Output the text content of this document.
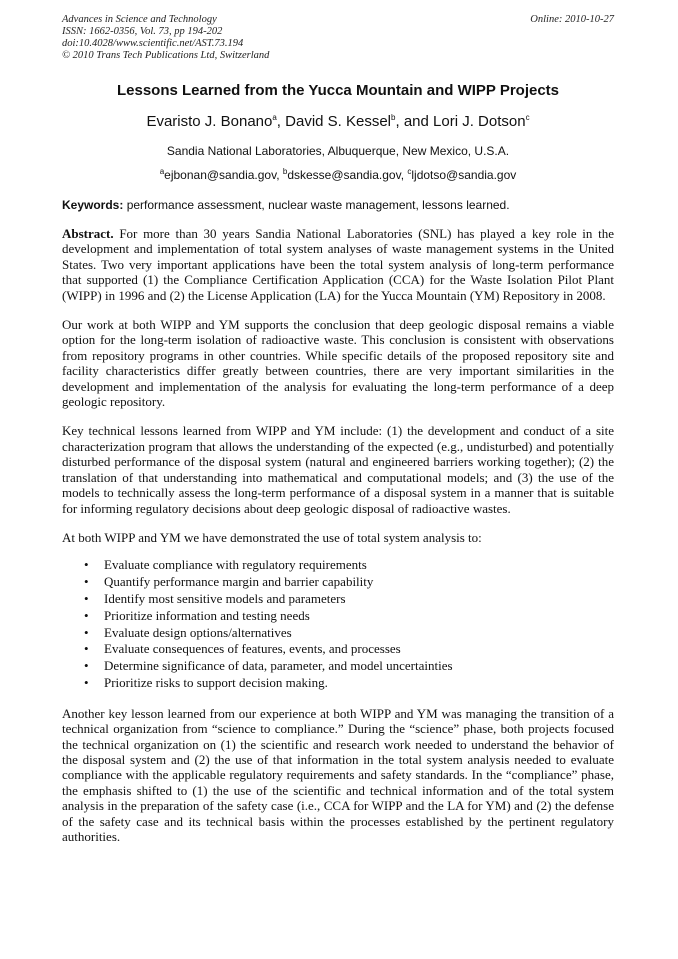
Advances in Science and Technology
ISSN: 1662-0356, Vol. 73, pp 194-202
doi:10.4028/www.scientific.net/AST.73.194
© 2010 Trans Tech Publications Ltd, Switzerland
Online: 2010-10-27
Lessons Learned from the Yucca Mountain and WIPP Projects
Evaristo J. Bonano$^a$, David S. Kessel$^b$, and Lori J. Dotson$^c$
Sandia National Laboratories, Albuquerque, New Mexico, U.S.A.
$^a$ejbonan@sandia.gov, $^b$dskesse@sandia.gov, $^c$ljdotso@sandia.gov
Keywords: performance assessment, nuclear waste management, lessons learned.
Abstract. For more than 30 years Sandia National Laboratories (SNL) has played a key role in the development and implementation of total system analyses of waste management systems in the United States. Two very important applications have been the total system analysis of long-term performance that supported (1) the Compliance Certification Application (CCA) for the Waste Isolation Pilot Plant (WIPP) in 1996 and (2) the License Application (LA) for the Yucca Mountain (YM) Repository in 2008.
Our work at both WIPP and YM supports the conclusion that deep geologic disposal remains a viable option for the long-term isolation of radioactive waste. This conclusion is consistent with observations from repository programs in other countries. While specific details of the proposed repository site and facility characteristics differ greatly between countries, there are very important similarities in the development and implementation of the analysis for evaluating the long-term performance of a deep geologic repository.
Key technical lessons learned from WIPP and YM include: (1) the development and conduct of a site characterization program that allows the understanding of the expected (e.g., undisturbed) and potentially disturbed performance of the disposal system (natural and engineered barriers working together); (2) the translation of that understanding into mathematical and computational models; and (3) the use of the models to technically assess the long-term performance of a disposal system in a manner that is suitable for informing regulatory decisions about deep geologic disposal of radioactive wastes.
At both WIPP and YM we have demonstrated the use of total system analysis to:
• Evaluate compliance with regulatory requirements
• Quantify performance margin and barrier capability
• Identify most sensitive models and parameters
• Prioritize information and testing needs
• Evaluate design options/alternatives
• Evaluate consequences of features, events, and processes
• Determine significance of data, parameter, and model uncertainties
• Prioritize risks to support decision making.
Another key lesson learned from our experience at both WIPP and YM was managing the transition of a technical organization from “science to compliance.” During the “science” phase, both projects focused the technical organization on (1) the scientific and research work needed to understand the behavior of the disposal system and (2) the use of that information in the total system analysis needed to evaluate compliance with the applicable regulatory requirements and safety standards. In the “compliance” phase, the emphasis shifted to (1) the use of the scientific and technical information and of the total system analysis in the preparation of the safety case (i.e., CCA for WIPP and the LA for YM) and (2) the defense of the safety case and its technical basis within the processes established by the pertinent regulatory authorities.
